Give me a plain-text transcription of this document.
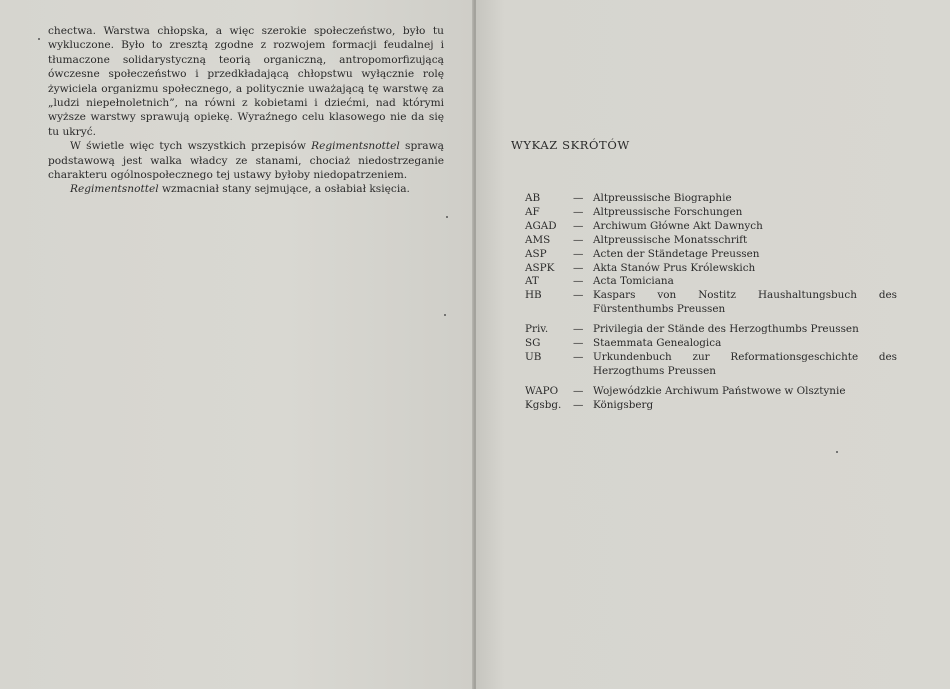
chectwa. Warstwa chłopska, a więc szerokie społeczeństwo, było tu wykluczone. Było to zresztą zgodne z rozwojem formacji feudalnej i tłumaczone solidarystyczną teorią organiczną, antropomorfizującą ówczesne społeczeństwo i przedkładającą chłopstwu wyłącznie rolę żywiciela organizmu społecznego, a politycznie uważającą tę warstwę za „ludzi niepełnoletnich”, na równi z kobietami i dziećmi, nad którymi wyższe warstwy sprawują opiekę. Wyraźnego celu klasowego nie da się tu ukryć.

W świetle więc tych wszystkich przepisów Regimentsnottel sprawą podstawową jest walka władcy ze stanami, chociaż niedostrzeganie charakteru ogólnospołecznego tej ustawy byłoby niedopatrzeniem.

Regimentsnottel wzmacniał stany sejmujące, a osłabiał księcia.

WYKAZ SKRÓTÓW
AB	— Altpreussische Biographie
AF	— Altpreussische Forschungen
AGAD	— Archiwum Główne Akt Dawnych
AMS	— Altpreussische Monatsschrift
ASP	— Acten der Ständetage Preussen
ASPK	— Akta Stanów Prus Królewskich
AT	— Acta Tomiciana
HB	— Kaspars von Nostitz Haushaltungsbuch des Fürstenthumbs Preussen
Priv.	— Privilegia der Stände des Herzogthumbs Preussen
SG	— Staemmata Genealogica
UB	— Urkundenbuch zur Reformationsgeschichte des Herzogthums Preussen
WAPO	— Wojewódzkie Archiwum Państwowe w Olsztynie
Kgsbg.	— Königsberg
